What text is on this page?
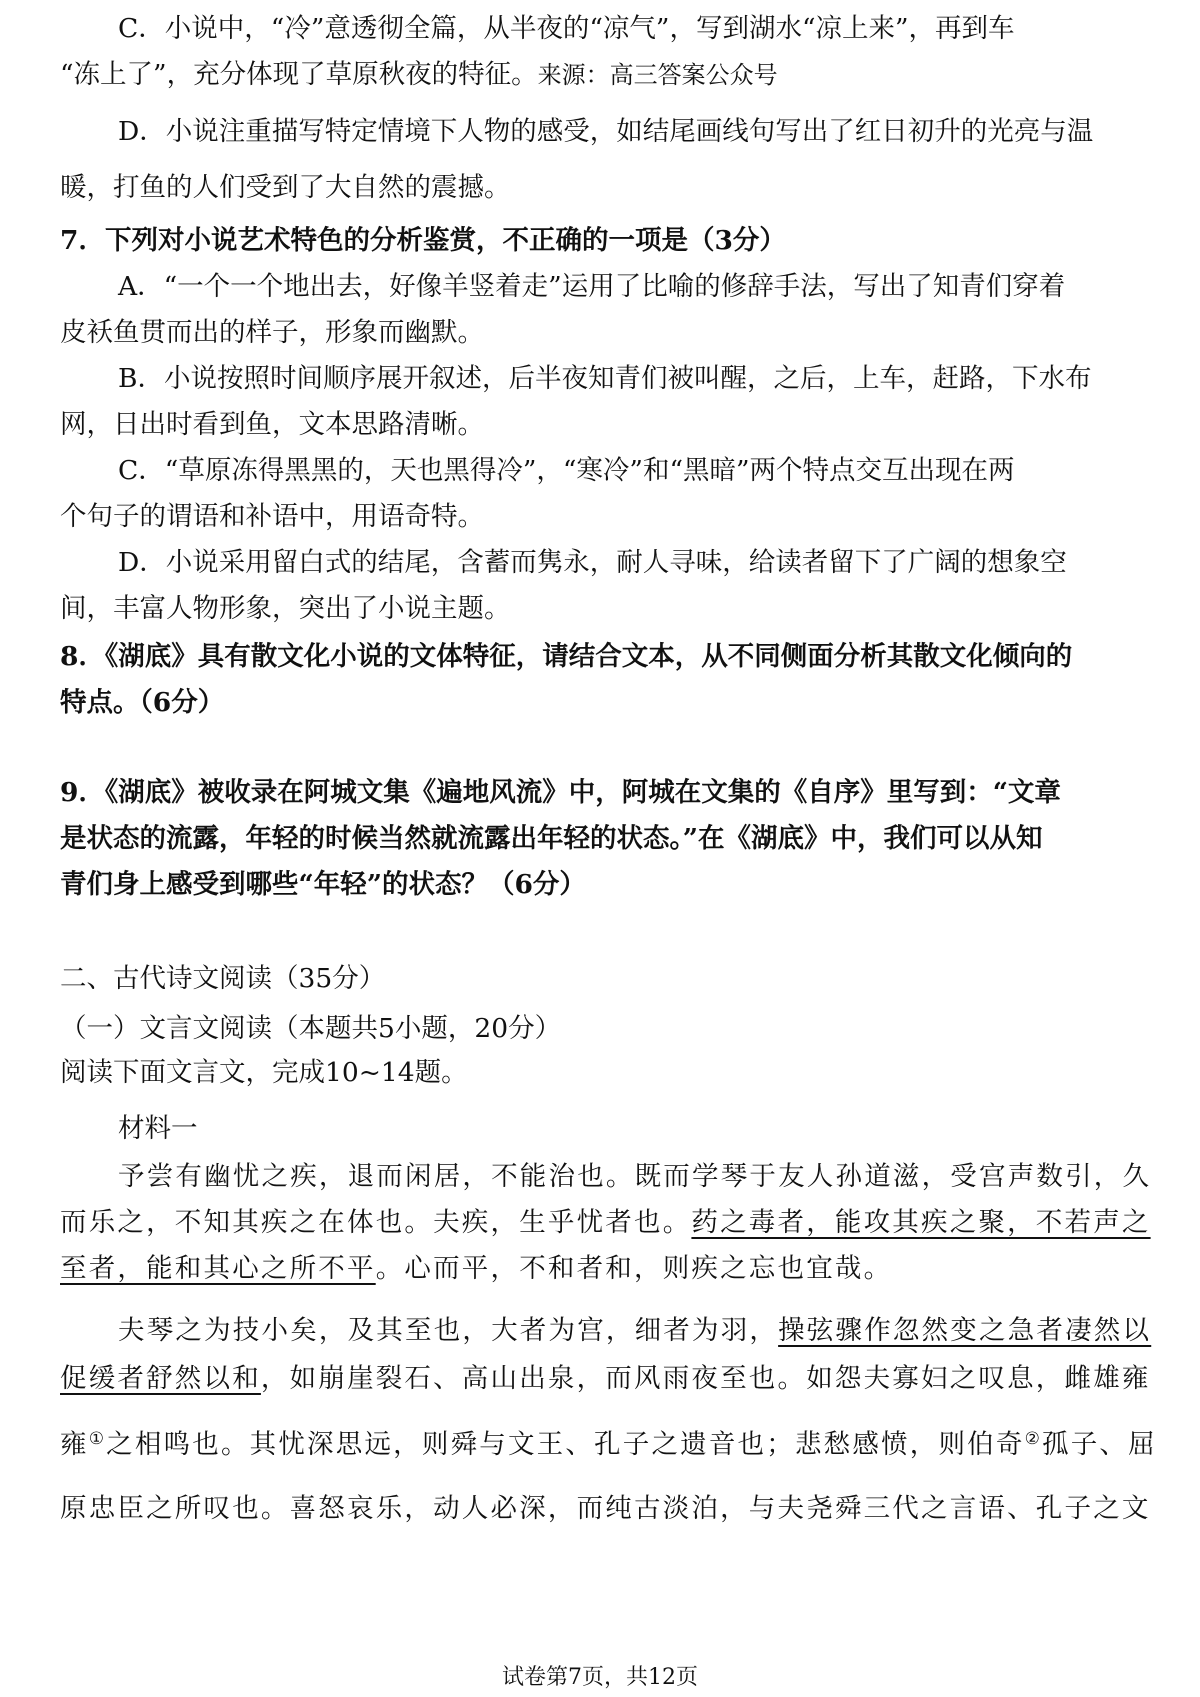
C．小说中，“冷”意透彻全篇，从半夜的“凉气”，写到湖水“凉上来”，再到车
“冻上了”，充分体现了草原秋夜的特征。来源：高三答案公众号
D．小说注重描写特定情境下人物的感受，如结尾画线句写出了红日初升的光亮与温
暖，打鱼的人们受到了大自然的震撼。
7．下列对小说艺术特色的分析鉴赏，不正确的一项是（3分）
A．“一个一个地出去，好像羊竖着走”运用了比喻的修辞手法，写出了知青们穿着
皮袄鱼贯而出的样子，形象而幽默。
B．小说按照时间顺序展开叙述，后半夜知青们被叫醒，之后，上车，赶路，下水布
网，日出时看到鱼，文本思路清晰。
C．“草原冻得黑黑的，天也黑得冷”，“寒冷”和“黑暗”两个特点交互出现在两
个句子的谓语和补语中，用语奇特。
D．小说采用留白式的结尾，含蓄而隽永，耐人寻味，给读者留下了广阔的想象空
间，丰富人物形象，突出了小说主题。
8．《湖底》具有散文化小说的文体特征，请结合文本，从不同侧面分析其散文化倾向的
特点。（6分）
9．《湖底》被收录在阿城文集《遍地风流》中，阿城在文集的《自序》里写到：“文章
是状态的流露，年轻的时候当然就流露出年轻的状态。”在《湖底》中，我们可以从知
青们身上感受到哪些“年轻”的状态？（6分）
二、古代诗文阅读（35分）
（一）文言文阅读（本题共5小题，20分）
阅读下面文言文，完成10~14题。
材料一
予尝有幽忧之疾，退而闲居，不能治也。既而学琴于友人孙道滋，受宫声数引，久
而乐之，不知其疾之在体也。夫疾，生乎忧者也。药之毒者，能攻其疾之聚，不若声之
至者，能和其心之所不平。心而平，不和者和，则疾之忘也宜哉。
夫琴之为技小矣，及其至也，大者为宫，细者为羽，操弦骤作忽然变之急者凄然以
促缓者舒然以和，如崩崖裂石、高山出泉，而风雨夜至也。如怨夫寡妇之叹息，雌雄雍
雍①之相鸣也。其忧深思远，则舜与文王、孔子之遗音也；悲愁感愤，则伯奇②孤子、屈
原忠臣之所叹也。喜怒哀乐，动人必深，而纯古淡泊，与夫尧舜三代之言语、孔子之文
试卷第7页，共12页
